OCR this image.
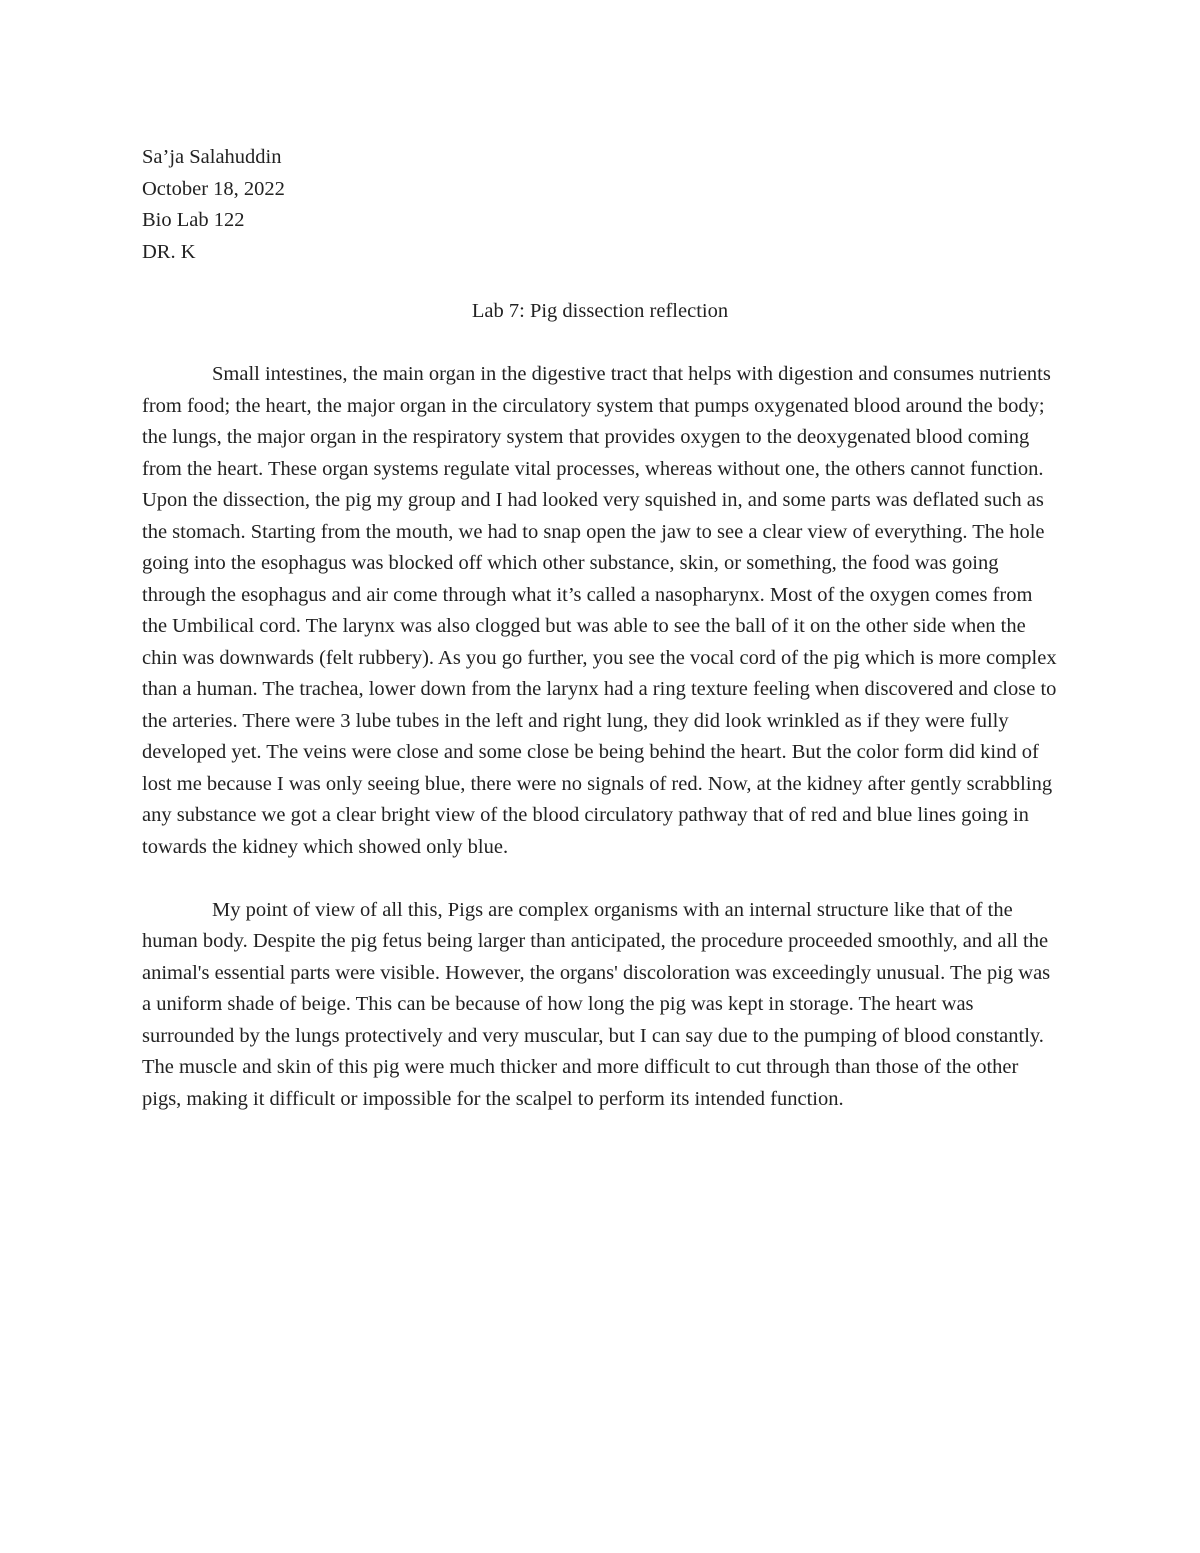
Sa’ja Salahuddin
October 18, 2022
Bio Lab 122
DR. K
Lab 7: Pig dissection reflection

Small intestines, the main organ in the digestive tract that helps with digestion and consumes nutrients from food; the heart, the major organ in the circulatory system that pumps oxygenated blood around the body; the lungs, the major organ in the respiratory system that provides oxygen to the deoxygenated blood coming from the heart. These organ systems regulate vital processes, whereas without one, the others cannot function. Upon the dissection, the pig my group and I had looked very squished in, and some parts was deflated such as the stomach. Starting from the mouth, we had to snap open the jaw to see a clear view of everything. The hole going into the esophagus was blocked off which other substance, skin, or something, the food was going through the esophagus and air come through what it’s called a nasopharynx. Most of the oxygen comes from the Umbilical cord. The larynx was also clogged but was able to see the ball of it on the other side when the chin was downwards (felt rubbery). As you go further, you see the vocal cord of the pig which is more complex than a human. The trachea, lower down from the larynx had a ring texture feeling when discovered and close to the arteries. There were 3 lube tubes in the left and right lung, they did look wrinkled as if they were fully developed yet. The veins were close and some close be being behind the heart. But the color form did kind of lost me because I was only seeing blue, there were no signals of red. Now, at the kidney after gently scrabbling any substance we got a clear bright view of the blood circulatory pathway that of red and blue lines going in towards the kidney which showed only blue.

My point of view of all this, Pigs are complex organisms with an internal structure like that of the human body. Despite the pig fetus being larger than anticipated, the procedure proceeded smoothly, and all the animal's essential parts were visible. However, the organs' discoloration was exceedingly unusual. The pig was a uniform shade of beige. This can be because of how long the pig was kept in storage. The heart was surrounded by the lungs protectively and very muscular, but I can say due to the pumping of blood constantly. The muscle and skin of this pig were much thicker and more difficult to cut through than those of the other pigs, making it difficult or impossible for the scalpel to perform its intended function.
